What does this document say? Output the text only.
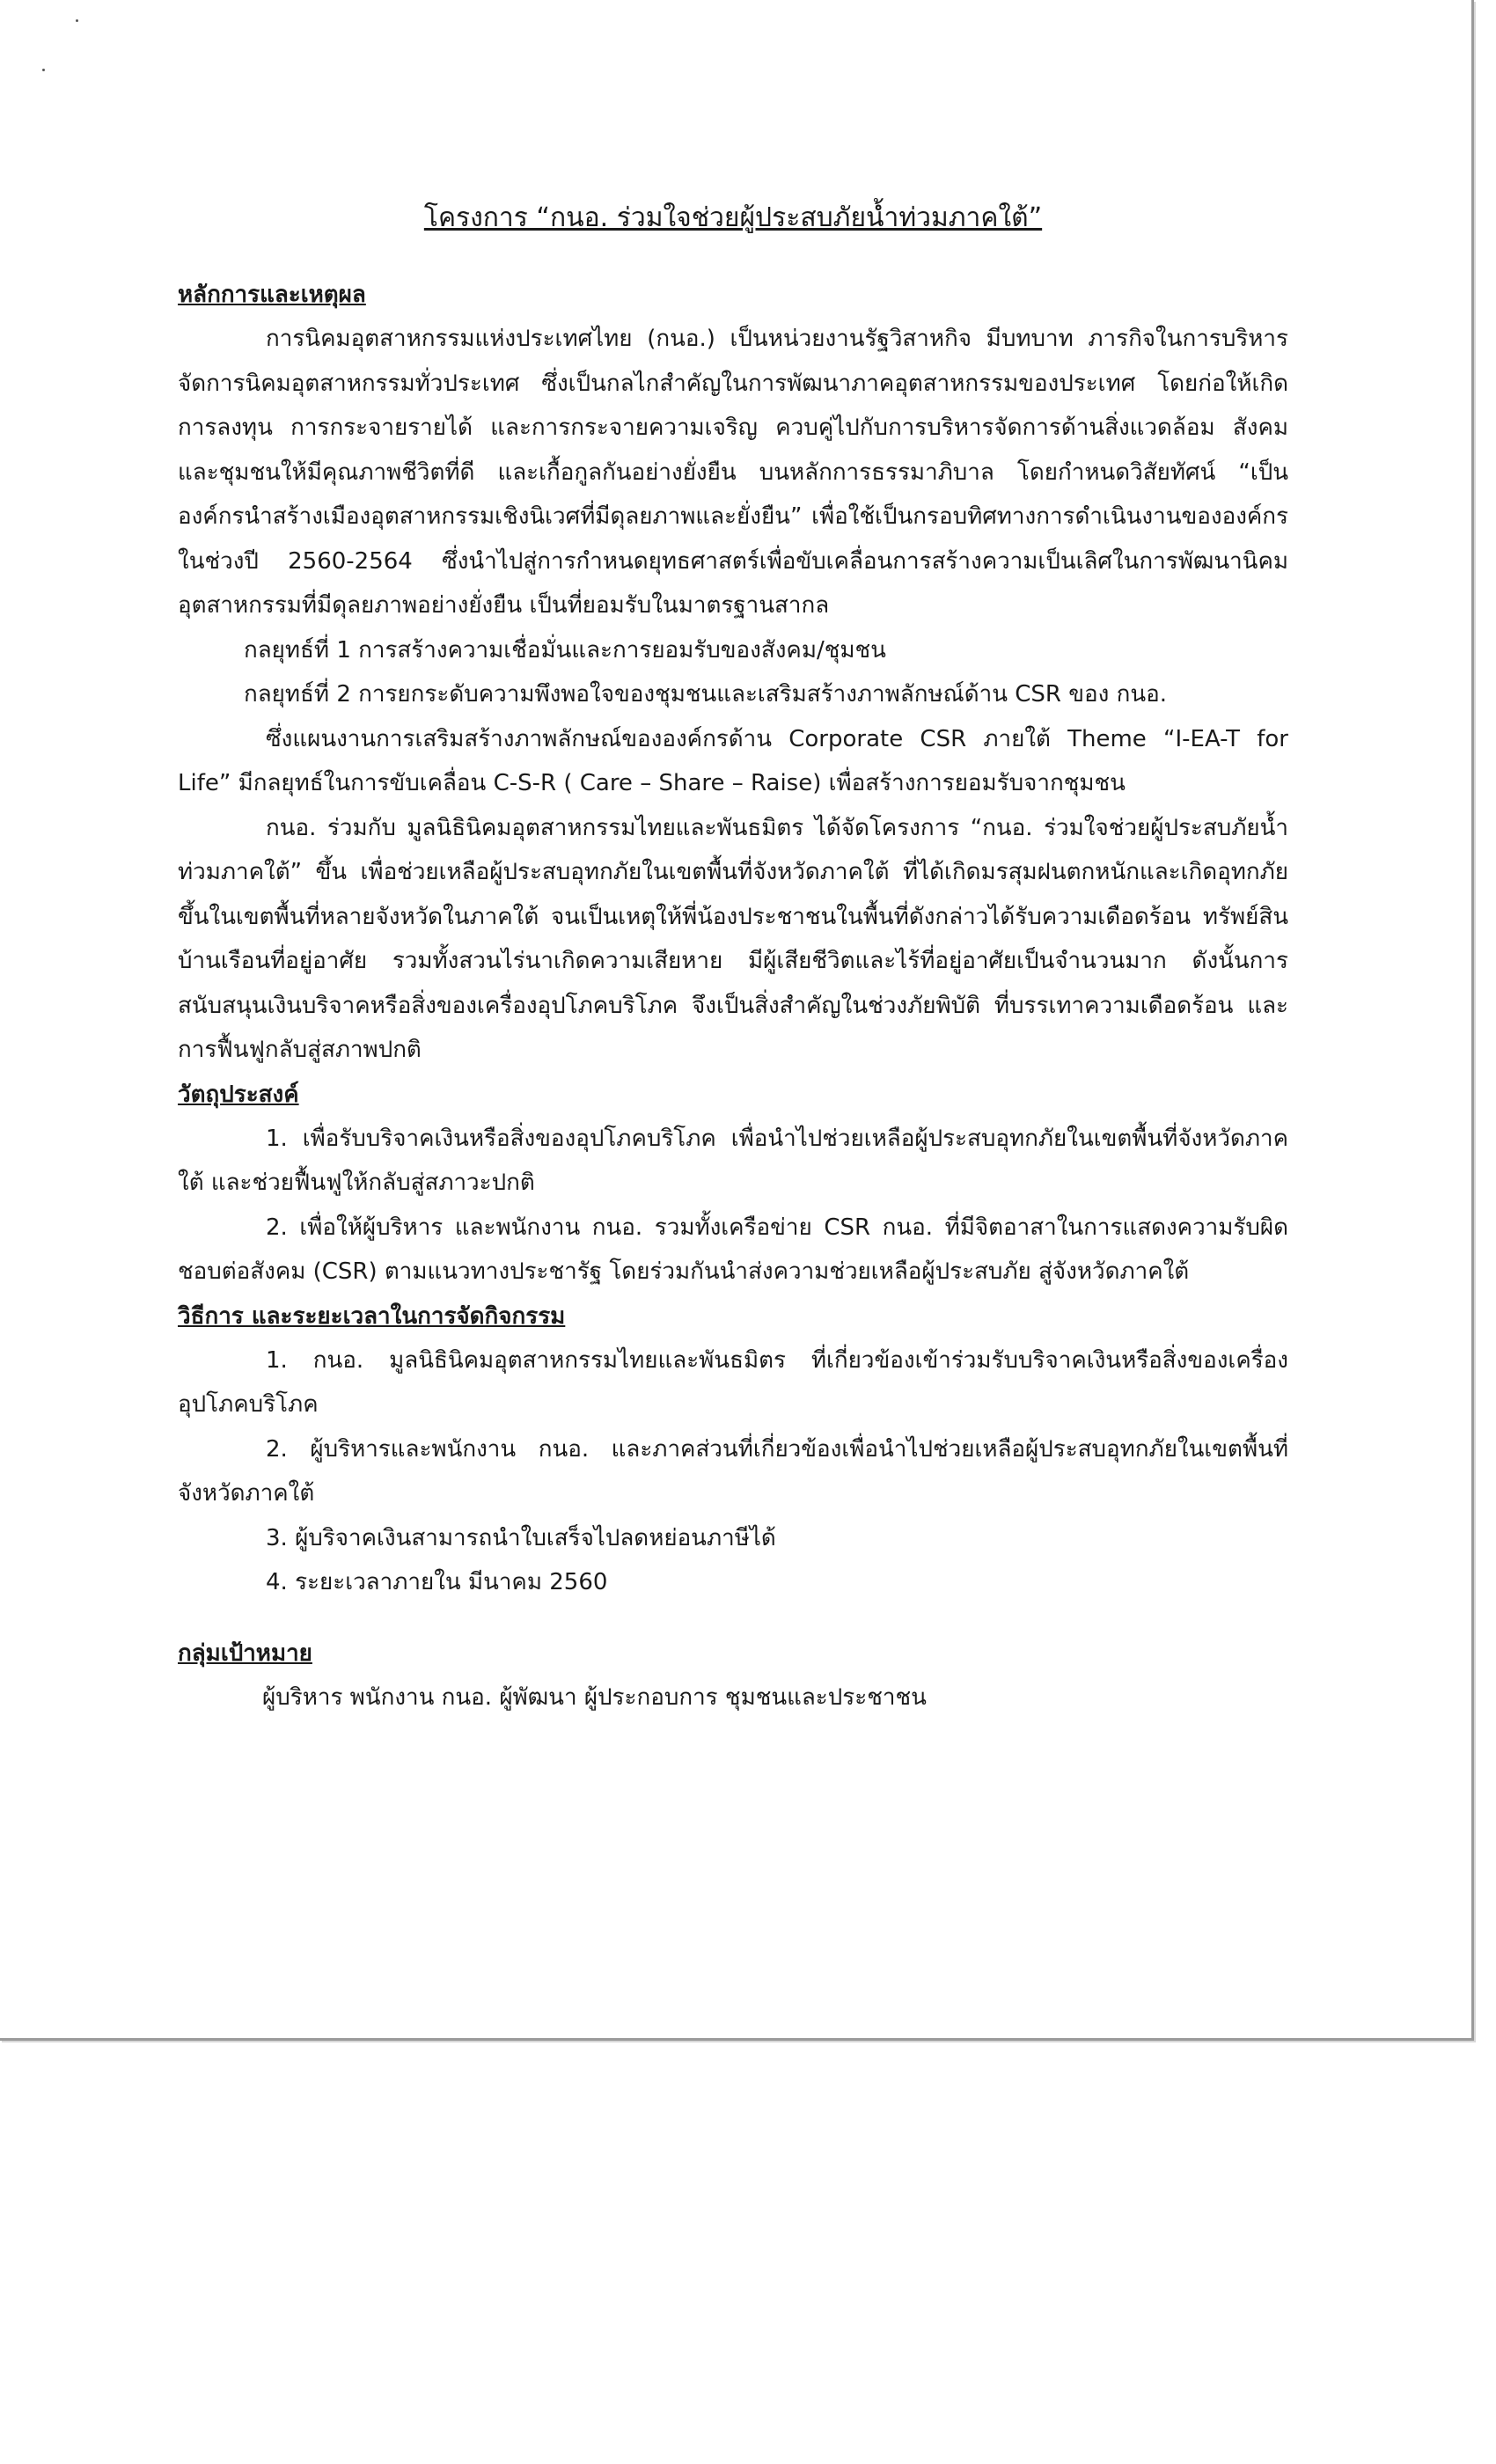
โครงการ “กนอ. ร่วมใจช่วยผู้ประสบภัยน้ำท่วมภาคใต้”
หลักการและเหตุผล

การนิคมอุตสาหกรรมแห่งประเทศไทย (กนอ.) เป็นหน่วยงานรัฐวิสาหกิจ มีบทบาท ภารกิจในการบริหารจัดการนิคมอุตสาหกรรมทั่วประเทศ ซึ่งเป็นกลไกสำคัญในการพัฒนาภาคอุตสาหกรรมของประเทศ โดยก่อให้เกิดการลงทุน การกระจายรายได้ และการกระจายความเจริญ ควบคู่ไปกับการบริหารจัดการด้านสิ่งแวดล้อม สังคม และชุมชนให้มีคุณภาพชีวิตที่ดี และเกื้อกูลกันอย่างยั่งยืน บนหลักการธรรมาภิบาล โดยกำหนดวิสัยทัศน์ “เป็นองค์กรนำสร้างเมืองอุตสาหกรรมเชิงนิเวศที่มีดุลยภาพและยั่งยืน” เพื่อใช้เป็นกรอบทิศทางการดำเนินงานขององค์กร ในช่วงปี 2560-2564 ซึ่งนำไปสู่การกำหนดยุทธศาสตร์เพื่อขับเคลื่อนการสร้างความเป็นเลิศในการพัฒนานิคมอุตสาหกรรมที่มีดุลยภาพอย่างยั่งยืน เป็นที่ยอมรับในมาตรฐานสากล

กลยุทธ์ที่ 1 การสร้างความเชื่อมั่นและการยอมรับของสังคม/ชุมชน

กลยุทธ์ที่ 2 การยกระดับความพึงพอใจของชุมชนและเสริมสร้างภาพลักษณ์ด้าน CSR ของ กนอ.

ซึ่งแผนงานการเสริมสร้างภาพลักษณ์ขององค์กรด้าน Corporate CSR ภายใต้ Theme “I-EA-T for Life” มีกลยุทธ์ในการขับเคลื่อน C-S-R ( Care – Share – Raise) เพื่อสร้างการยอมรับจากชุมชน

กนอ. ร่วมกับ มูลนิธินิคมอุตสาหกรรมไทยและพันธมิตร ได้จัดโครงการ “กนอ. ร่วมใจช่วยผู้ประสบภัยน้ำท่วมภาคใต้” ขึ้น เพื่อช่วยเหลือผู้ประสบอุทกภัยในเขตพื้นที่จังหวัดภาคใต้ ที่ได้เกิดมรสุมฝนตกหนักและเกิดอุทกภัยขึ้นในเขตพื้นที่หลายจังหวัดในภาคใต้ จนเป็นเหตุให้พี่น้องประชาชนในพื้นที่ดังกล่าวได้รับความเดือดร้อน ทรัพย์สิน บ้านเรือนที่อยู่อาศัย รวมทั้งสวนไร่นาเกิดความเสียหาย มีผู้เสียชีวิตและไร้ที่อยู่อาศัยเป็นจำนวนมาก ดังนั้นการสนับสนุนเงินบริจาคหรือสิ่งของเครื่องอุปโภคบริโภค จึงเป็นสิ่งสำคัญในช่วงภัยพิบัติ ที่บรรเทาความเดือดร้อน และการฟื้นฟูกลับสู่สภาพปกติ

วัตถุประสงค์

1. เพื่อรับบริจาคเงินหรือสิ่งของอุปโภคบริโภค เพื่อนำไปช่วยเหลือผู้ประสบอุทกภัยในเขตพื้นที่จังหวัดภาคใต้ และช่วยฟื้นฟูให้กลับสู่สภาวะปกติ

2. เพื่อให้ผู้บริหาร และพนักงาน กนอ. รวมทั้งเครือข่าย CSR กนอ. ที่มีจิตอาสาในการแสดงความรับผิดชอบต่อสังคม (CSR) ตามแนวทางประชารัฐ โดยร่วมกันนำส่งความช่วยเหลือผู้ประสบภัย สู่จังหวัดภาคใต้

วิธีการ และระยะเวลาในการจัดกิจกรรม

1. กนอ. มูลนิธินิคมอุตสาหกรรมไทยและพันธมิตร ที่เกี่ยวข้องเข้าร่วมรับบริจาคเงินหรือสิ่งของเครื่องอุปโภคบริโภค

2. ผู้บริหารและพนักงาน กนอ. และภาคส่วนที่เกี่ยวข้องเพื่อนำไปช่วยเหลือผู้ประสบอุทกภัยในเขตพื้นที่จังหวัดภาคใต้

3. ผู้บริจาคเงินสามารถนำใบเสร็จไปลดหย่อนภาษีได้

4. ระยะเวลาภายใน มีนาคม 2560

กลุ่มเป้าหมาย

ผู้บริหาร พนักงาน กนอ. ผู้พัฒนา ผู้ประกอบการ ชุมชนและประชาชน
